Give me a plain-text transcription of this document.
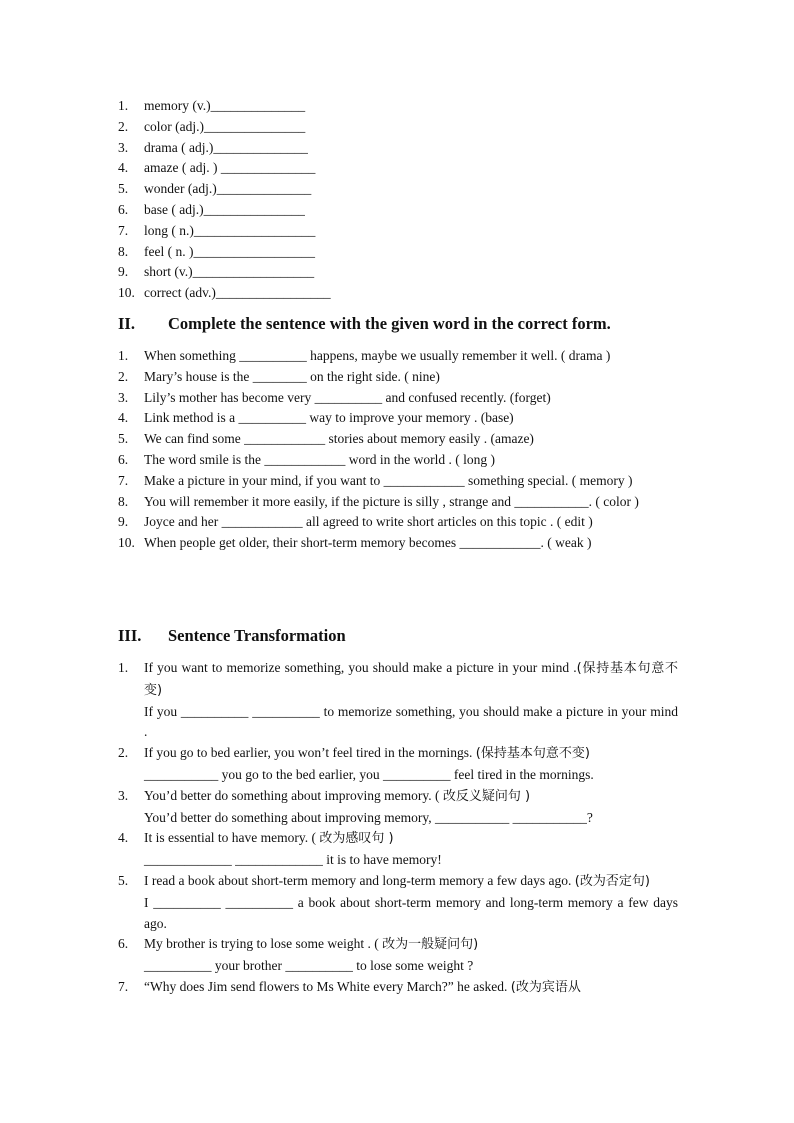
1.	memory (v.)______________
2.	color (adj.)_______________
3.	drama ( adj.)______________
4.	amaze ( adj. ) ______________
5.	wonder (adj.)______________
6.	base ( adj.)_______________
7.	long ( n.)__________________
8.	feel ( n. )__________________
9.	short (v.)__________________
10. correct (adv.)_________________
II. Complete the sentence with the given word in the correct form.
1.	When something __________ happens, maybe we usually remember it well. ( drama )
2.	Mary’s house is the ________ on the right side. ( nine)
3.	Lily’s mother has become very __________ and confused recently. (forget)
4.	Link method is a __________ way to improve your memory . (base)
5.	We can find some ____________ stories about memory easily . (amaze)
6.	The word smile is the ____________ word in the world . ( long )
7.	Make a picture in your mind, if you want to ____________ something special. ( memory )
8.	You will remember it more easily, if the picture is silly , strange and ___________. ( color )
9.	Joyce and her ____________ all agreed to write short articles on this topic . ( edit )
10. When people get older, their short-term memory becomes ____________. ( weak )
III. Sentence Transformation
1.	If you want to memorize something, you should make a picture in your mind .(保持基本句意不变)
If you __________ __________ to memorize something, you should make a picture in your mind .
2.	If you go to bed earlier, you won’t feel tired in the mornings. (保持基本句意不变)
___________ you go to the bed earlier, you __________ feel tired in the mornings.
3.	You’d better do something about improving memory. ( 改反义疑问句 )
You’d better do something about improving memory, ___________ ___________?
4.	It is essential to have memory. ( 改为感叹句 )
_____________ _____________ it is to have memory!
5.	I read a book about short-term memory and long-term memory a few days ago. (改为否定句)
I __________ __________ a book about short-term memory and long-term memory a few days ago.
6.	My brother is trying to lose some weight . ( 改为一般疑问句)
__________ your brother __________ to lose some weight ?
7.	“Why does Jim send flowers to Ms White every March?” he asked. (改为宾语从
